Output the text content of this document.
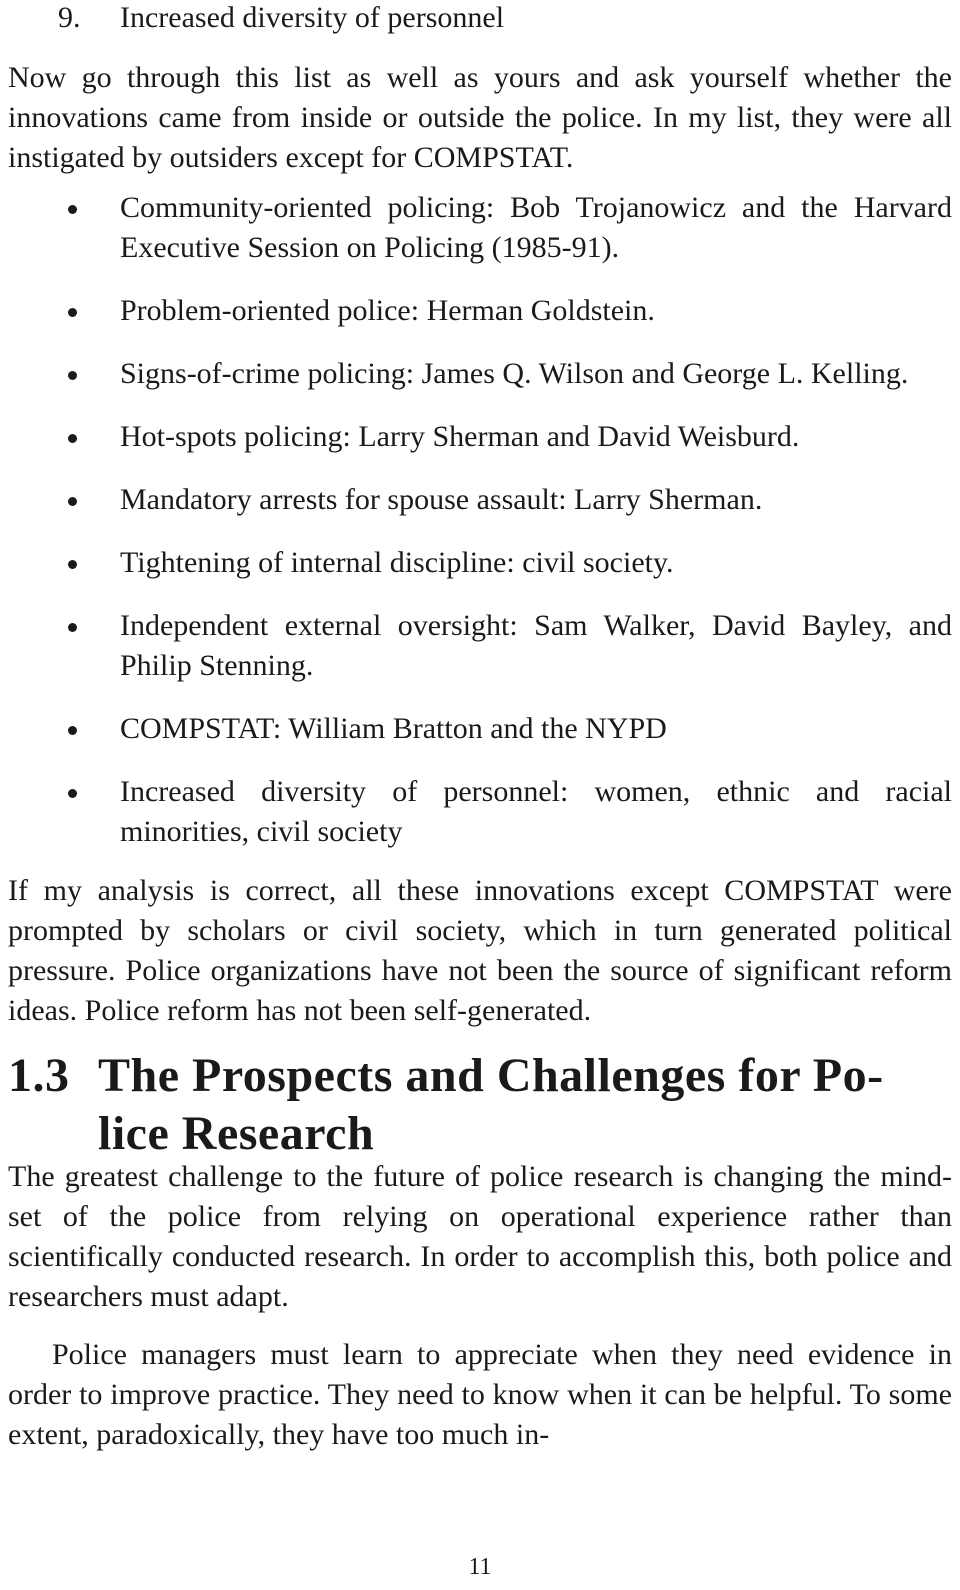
9. Increased diversity of personnel

Now go through this list as well as yours and ask yourself whether the innovations came from inside or outside the police. In my list, they were all instigated by outsiders except for COMPSTAT.

Community-oriented policing: Bob Trojanowicz and the Harvard Executive Session on Policing (1985-91).
Problem-oriented police: Herman Goldstein.
Signs-of-crime policing: James Q. Wilson and George L. Kelling.
Hot-spots policing: Larry Sherman and David Weisburd.
Mandatory arrests for spouse assault: Larry Sherman.
Tightening of internal discipline: civil society.
Independent external oversight: Sam Walker, David Bayley, and Philip Stenning.
COMPSTAT: William Bratton and the NYPD
Increased diversity of personnel: women, ethnic and racial minorities, civil society

If my analysis is correct, all these innovations except COMPSTAT were prompted by scholars or civil society, which in turn generated political pressure. Police organizations have not been the source of significant reform ideas. Police reform has not been self-generated.

1.3 The Prospects and Challenges for Po-
lice Research

The greatest challenge to the future of police research is changing the mind-set of the police from relying on operational experience rather than scientifically conducted research. In order to accomplish this, both police and researchers must adapt.

Police managers must learn to appreciate when they need evidence in order to improve practice. They need to know when it can be helpful. To some extent, paradoxically, they have too much in-

11
